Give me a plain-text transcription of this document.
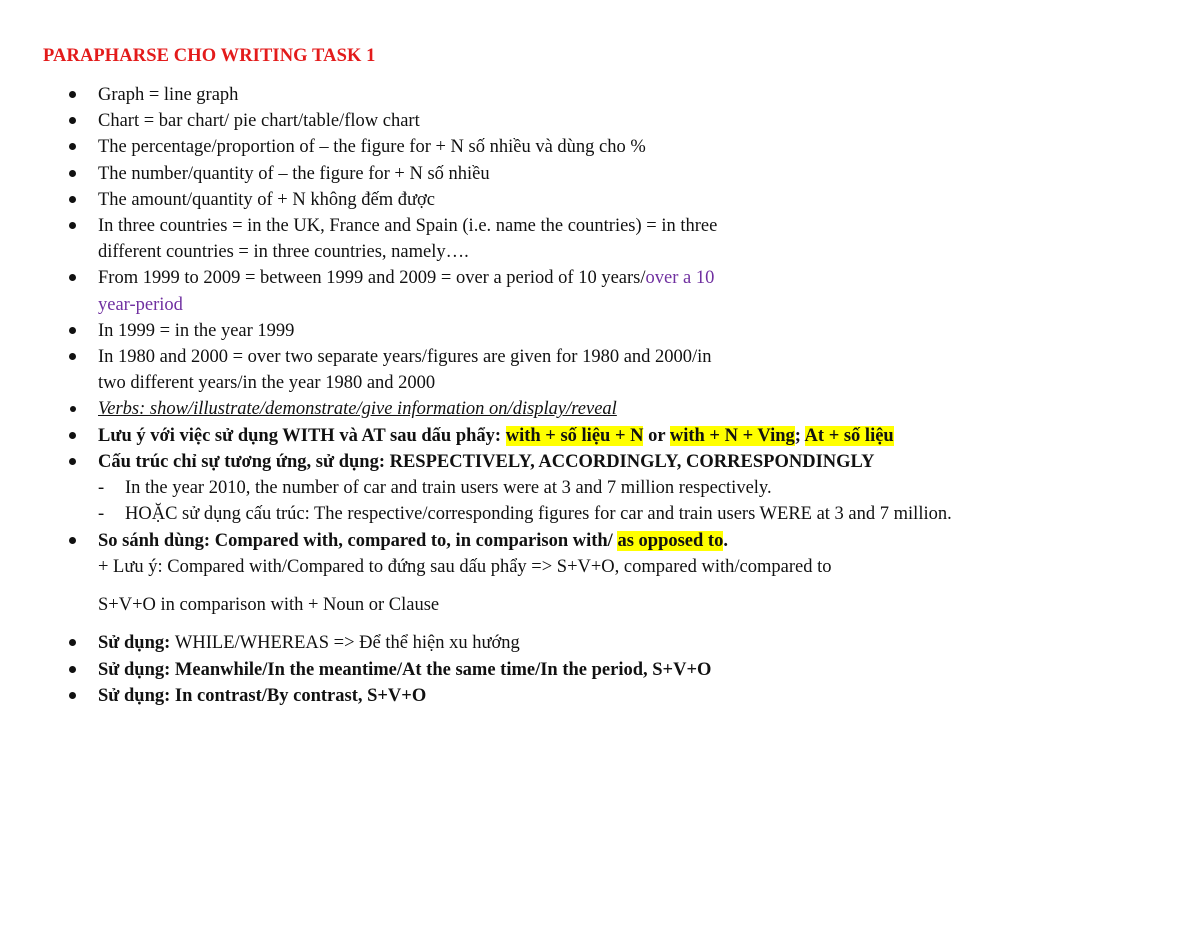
PARAPHARSE CHO WRITING TASK 1
Graph = line graph
Chart = bar chart/ pie chart/table/flow chart
The percentage/proportion of – the figure for + N số nhiều và dùng cho %
The number/quantity of – the figure for + N số nhiều
The amount/quantity of + N không đếm được
In three countries = in the UK, France and Spain (i.e. name the countries) = in three
different countries = in three countries, namely….
From 1999 to 2009 = between 1999 and 2009 = over a period of 10 years/over a 10
year-period
In 1999 = in the year 1999
In 1980 and 2000 = over two separate years/figures are given for 1980 and 2000/in
two different years/in the year 1980 and 2000
Verbs: show/illustrate/demonstrate/give information on/display/reveal
Lưu ý với việc sử dụng WITH và AT sau dấu phẩy: with + số liệu + N or with + N + Ving; At + số liệu
Cấu trúc chỉ sự tương ứng, sử dụng: RESPECTIVELY, ACCORDINGLY, CORRESPONDINGLY
- In the year 2010, the number of car and train users were at 3 and 7 million respectively.
- HOẶC sử dụng cấu trúc: The respective/corresponding figures for car and train users WERE at 3 and 7 million.
So sánh dùng: Compared with, compared to, in comparison with/ as opposed to.
+ Lưu ý: Compared with/Compared to đứng sau dấu phẩy => S+V+O, compared with/compared to
S+V+O in comparison with + Noun or Clause
Sử dụng: WHILE/WHEREAS => Để thể hiện xu hướng
Sử dụng: Meanwhile/In the meantime/At the same time/In the period, S+V+O
Sử dụng: In contrast/By contrast, S+V+O
